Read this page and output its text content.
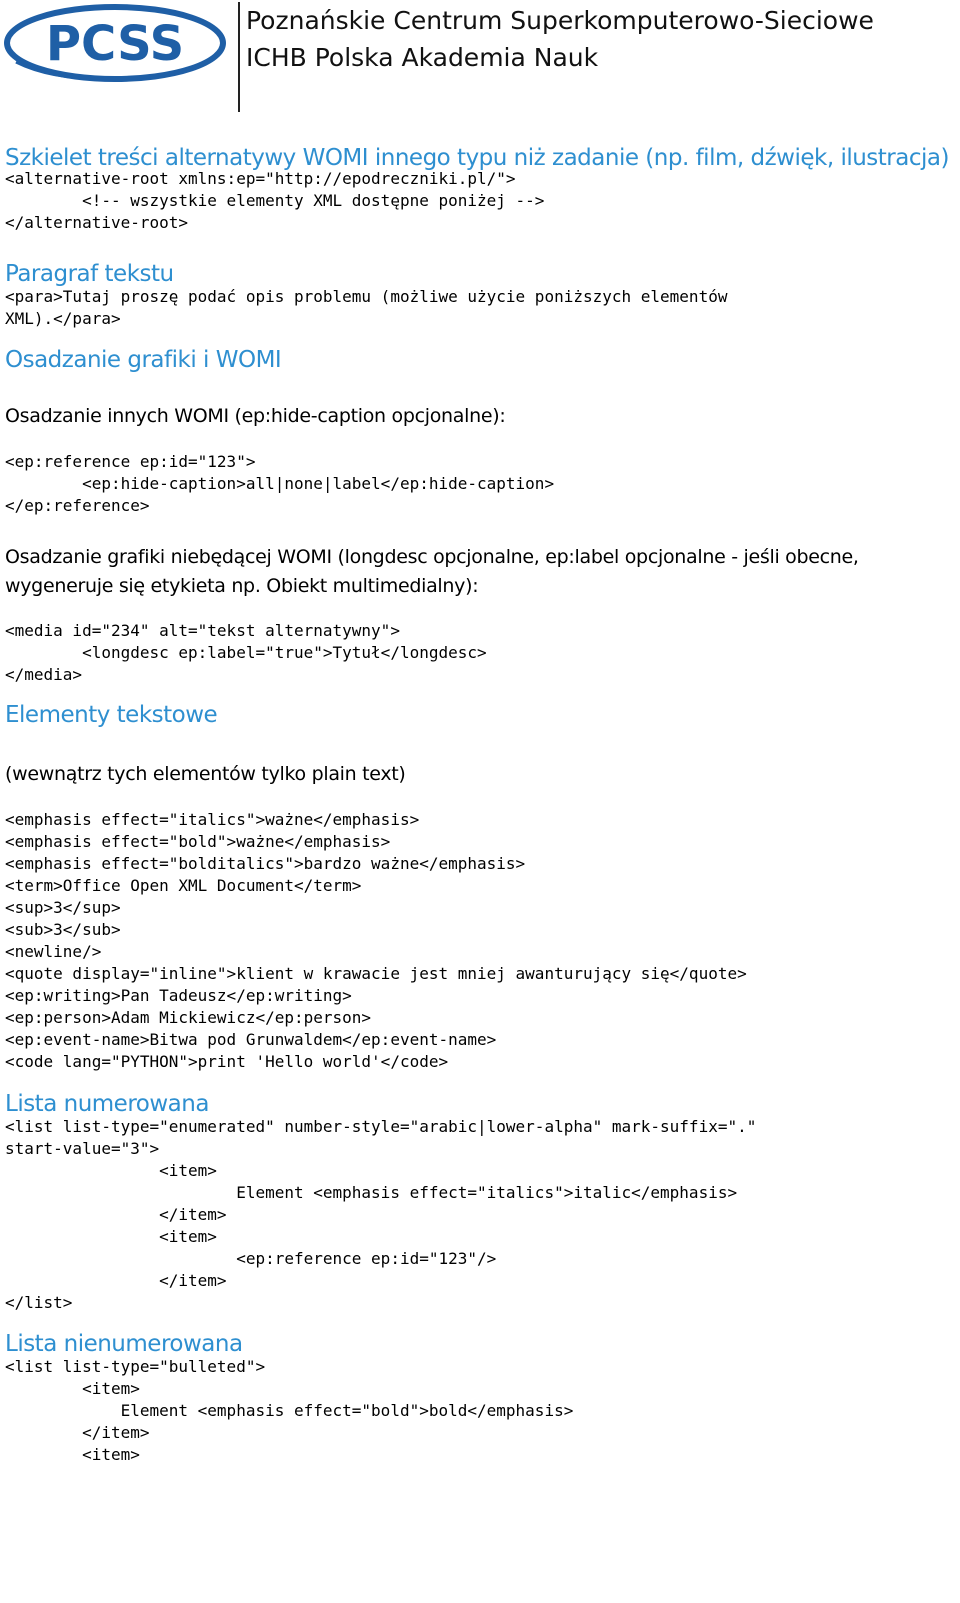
PCSS Poznańskie Centrum Superkomputerowo-Sieciowe
ICHB Polska Akademia Nauk
Szkielet treści alternatywy WOMI innego typu niż zadanie (np. film, dźwięk, ilustracja)
<alternative-root xmlns:ep="http://epodreczniki.pl/">
<!-- wszystkie elementy XML dostępne poniżej -->
</alternative-root>
Paragraf tekstu
<para>Tutaj proszę podać opis problemu (możliwe użycie poniższych elementów
XML).</para>
Osadzanie grafiki i WOMI
Osadzanie innych WOMI (ep:hide-caption opcjonalne):
<ep:reference ep:id="123">
<ep:hide-caption>all|none|label</ep:hide-caption>
</ep:reference>
Osadzanie grafiki niebędącej WOMI (longdesc opcjonalne, ep:label opcjonalne - jeśli obecne, wygeneruje się etykieta np. Obiekt multimedialny):
<media id="234" alt="tekst alternatywny">
<longdesc ep:label="true">Tytuł</longdesc>
</media>
Elementy tekstowe
(wewnątrz tych elementów tylko plain text)
<emphasis effect="italics">ważne</emphasis>
<emphasis effect="bold">ważne</emphasis>
<emphasis effect="bolditalics">bardzo ważne</emphasis>
<term>Office Open XML Document</term>
<sup>3</sup>
<sub>3</sub>
<newline/>
<quote display="inline">klient w krawacie jest mniej awanturujący się</quote>
<ep:writing>Pan Tadeusz</ep:writing>
<ep:person>Adam Mickiewicz</ep:person>
<ep:event-name>Bitwa pod Grunwaldem</ep:event-name>
<code lang="PYTHON">print 'Hello world'</code>
Lista numerowana
<list list-type="enumerated" number-style="arabic|lower-alpha" mark-suffix="."
start-value="3">
<item>
Element <emphasis effect="italics">italic</emphasis>
</item>
<item>
<ep:reference ep:id="123"/>
</item>
</list>
Lista nienumerowana
<list list-type="bulleted">
<item>
Element <emphasis effect="bold">bold</emphasis>
</item>
<item>
